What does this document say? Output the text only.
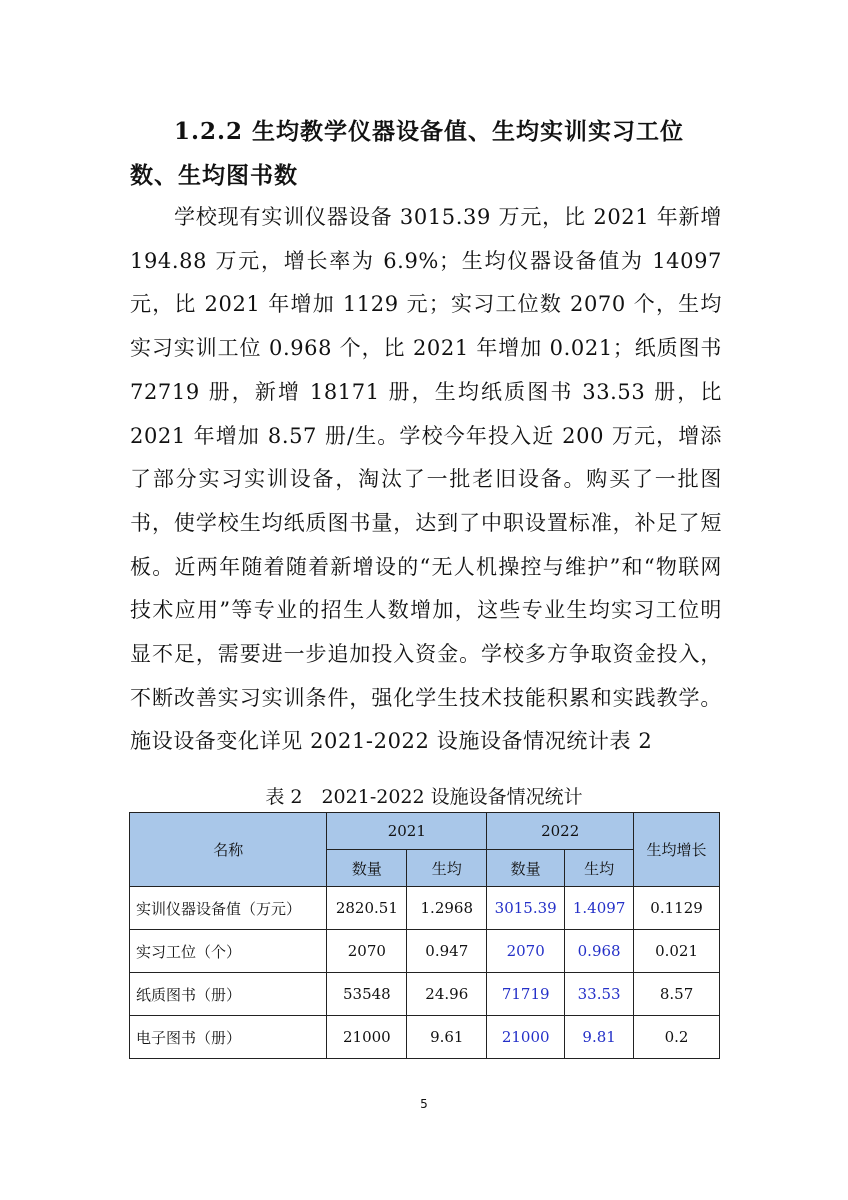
1.2.2 生均教学仪器设备值、生均实训实习工位数、生均图书数
学校现有实训仪器设备 3015.39 万元，比 2021 年新增 194.88 万元，增长率为 6.9%；生均仪器设备值为 14097 元，比 2021 年增加 1129 元；实习工位数 2070 个，生均实习实训工位 0.968 个，比 2021 年增加 0.021；纸质图书 72719 册，新增 18171 册，生均纸质图书 33.53 册，比 2021 年增加 8.57 册/生。学校今年投入近 200 万元，增添了部分实习实训设备，淘汰了一批老旧设备。购买了一批图书，使学校生均纸质图书量，达到了中职设置标准，补足了短板。近两年随着随着新增设的“无人机操控与维护”和“物联网技术应用”等专业的招生人数增加，这些专业生均实习工位明显不足，需要进一步追加投入资金。学校多方争取资金投入，不断改善实习实训条件，强化学生技术技能积累和实践教学。施设设备变化详见 2021-2022 设施设备情况统计表 2
表 2　2021-2022 设施设备情况统计
名称	2021		2022		生均增长
	数量	生均	数量	生均	
实训仪器设备值（万元）	2820.51	1.2968	3015.39	1.4097	0.1129
实习工位（个）	2070	0.947	2070	0.968	0.021
纸质图书（册）	53548	24.96	71719	33.53	8.57
电子图书（册）	21000	9.61	21000	9.81	0.2
5
